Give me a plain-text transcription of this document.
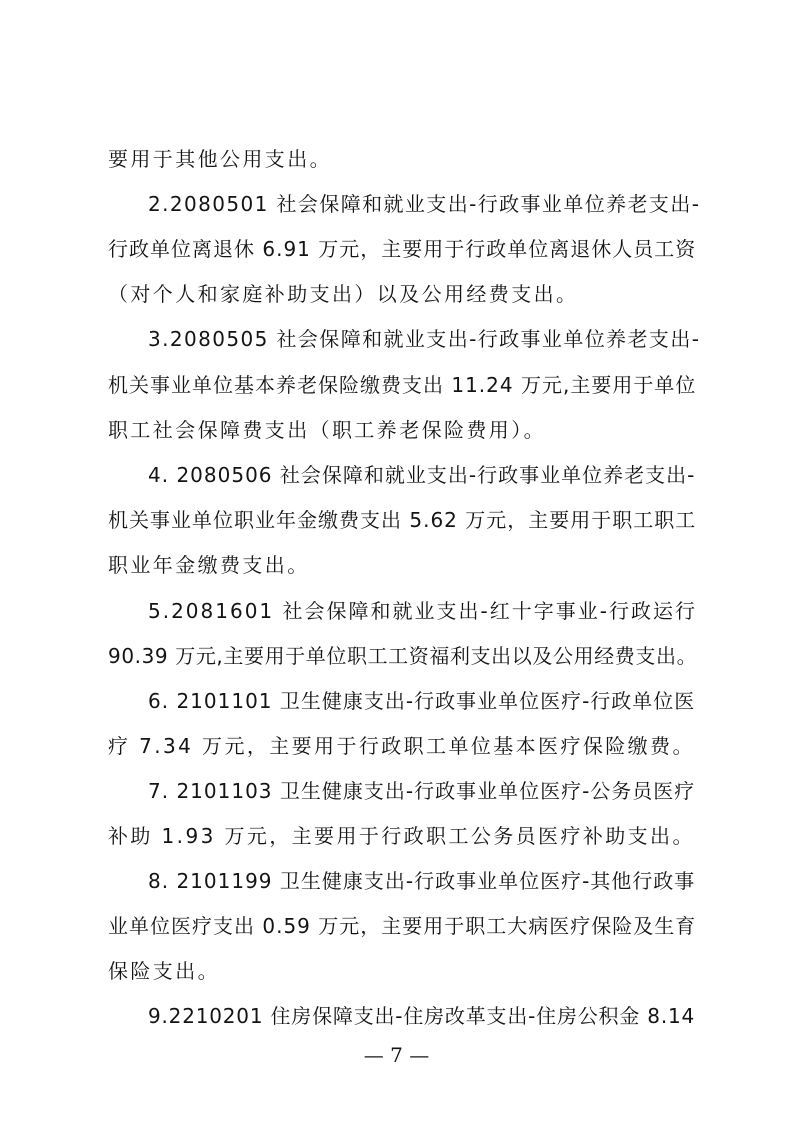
要用于其他公用支出。
2.2080501 社会保障和就业支出-行政事业单位养老支出-
行政单位离退休 6.91 万元，主要用于行政单位离退休人员工资
（对个人和家庭补助支出）以及公用经费支出。
3.2080505 社会保障和就业支出-行政事业单位养老支出-
机关事业单位基本养老保险缴费支出 11.24 万元,主要用于单位
职工社会保障费支出（职工养老保险费用）。
4. 2080506 社会保障和就业支出-行政事业单位养老支出-
机关事业单位职业年金缴费支出 5.62 万元，主要用于职工职工
职业年金缴费支出。
5.2081601 社会保障和就业支出-红十字事业-行政运行
90.39 万元,主要用于单位职工工资福利支出以及公用经费支出。
6. 2101101 卫生健康支出-行政事业单位医疗-行政单位医
疗 7.34 万元，主要用于行政职工单位基本医疗保险缴费。
7. 2101103 卫生健康支出-行政事业单位医疗-公务员医疗
补助 1.93 万元，主要用于行政职工公务员医疗补助支出。
8. 2101199 卫生健康支出-行政事业单位医疗-其他行政事
业单位医疗支出 0.59 万元，主要用于职工大病医疗保险及生育
保险支出。
9.2210201 住房保障支出-住房改革支出-住房公积金 8.14
— 7 —
